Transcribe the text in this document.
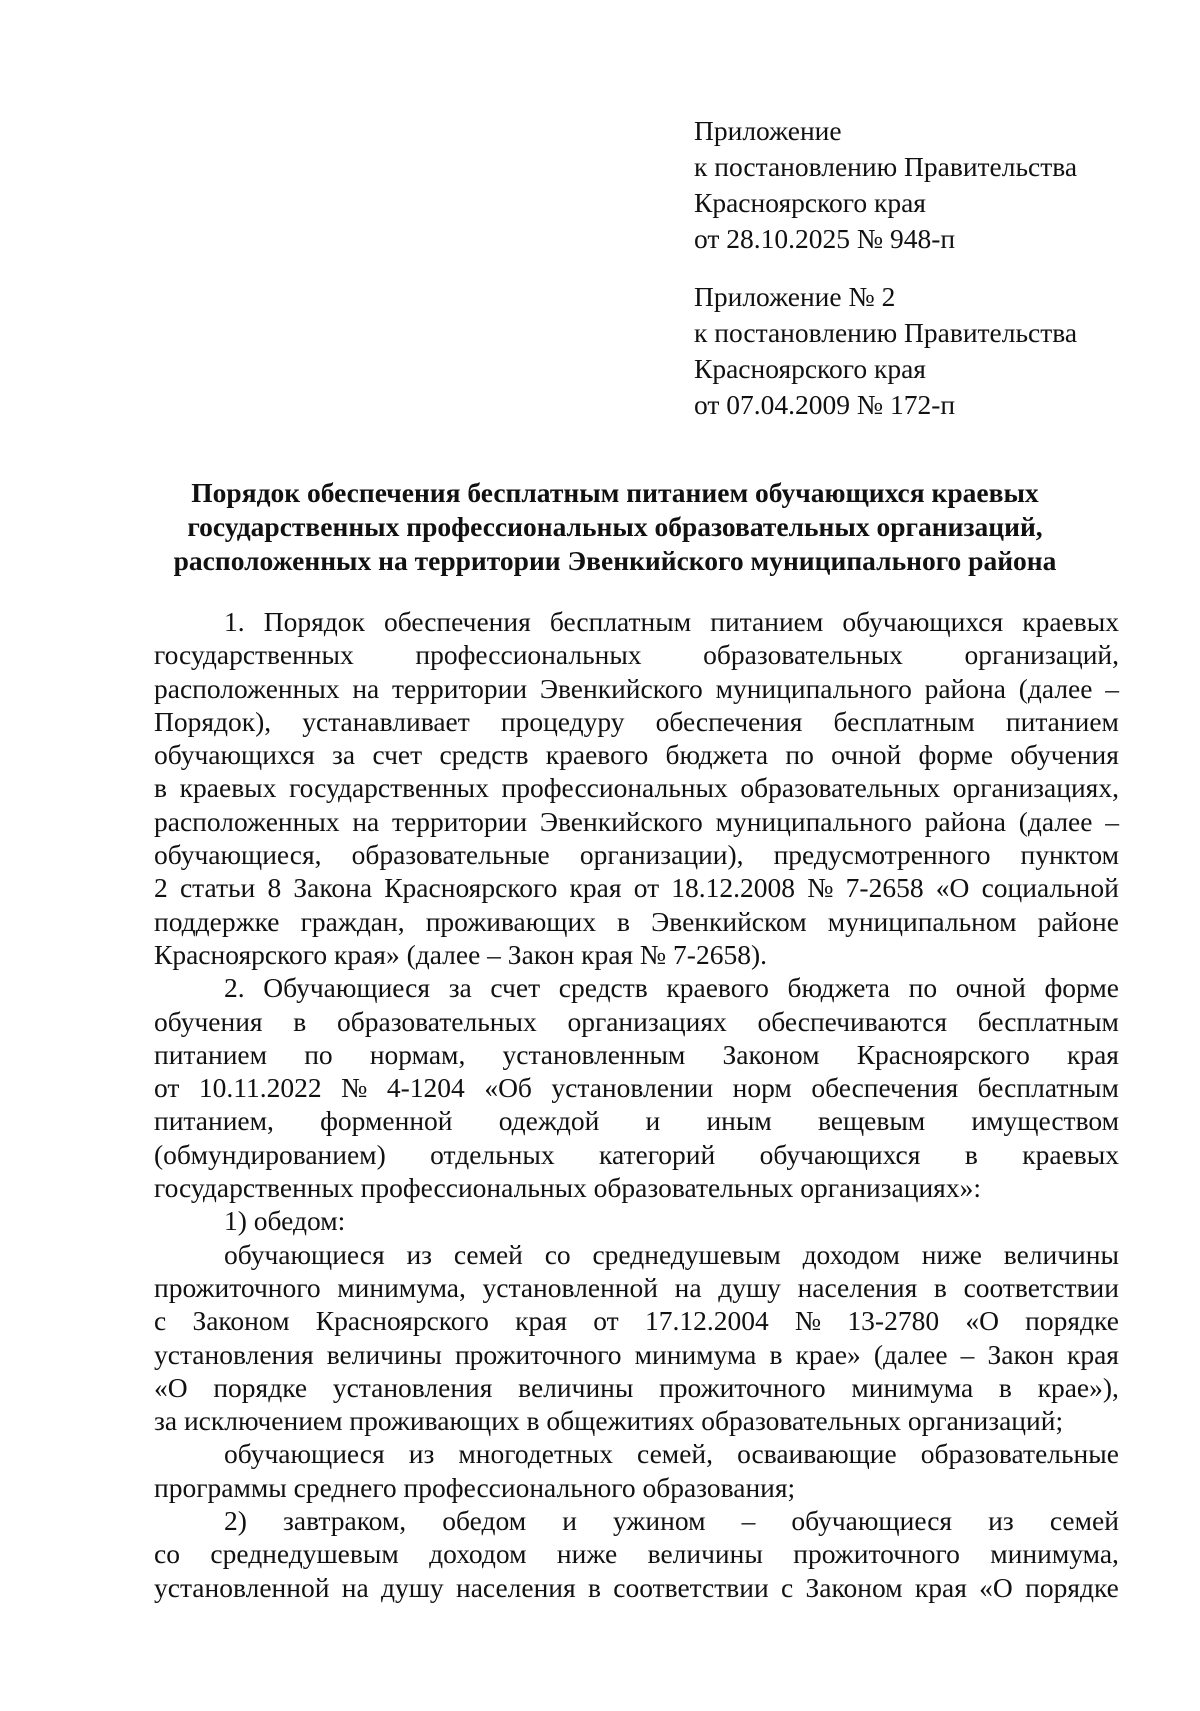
Приложение
к постановлению Правительства
Красноярского края
от 28.10.2025 № 948-п
Приложение № 2
к постановлению Правительства
Красноярского края
от 07.04.2009 № 172-п
Порядок обеспечения бесплатным питанием обучающихся краевых
государственных профессиональных образовательных организаций,
расположенных на территории Эвенкийского муниципального района
1. Порядок обеспечения бесплатным питанием обучающихся краевых
государственных профессиональных образовательных организаций,
расположенных на территории Эвенкийского муниципального района (далее –
Порядок), устанавливает процедуру обеспечения бесплатным питанием
обучающихся за счет средств краевого бюджета по очной форме обучения
в краевых государственных профессиональных образовательных организациях,
расположенных на территории Эвенкийского муниципального района (далее –
обучающиеся, образовательные организации), предусмотренного пунктом
2 статьи 8 Закона Красноярского края от 18.12.2008 № 7-2658 «О социальной
поддержке граждан, проживающих в Эвенкийском муниципальном районе
Красноярского края» (далее – Закон края № 7-2658).
2. Обучающиеся за счет средств краевого бюджета по очной форме
обучения в образовательных организациях обеспечиваются бесплатным
питанием по нормам, установленным Законом Красноярского края
от 10.11.2022 № 4-1204 «Об установлении норм обеспечения бесплатным
питанием, форменной одеждой и иным вещевым имуществом
(обмундированием) отдельных категорий обучающихся в краевых
государственных профессиональных образовательных организациях»:
1) обедом:
обучающиеся из семей со среднедушевым доходом ниже величины
прожиточного минимума, установленной на душу населения в соответствии
с Законом Красноярского края от 17.12.2004 № 13-2780 «О порядке
установления величины прожиточного минимума в крае» (далее – Закон края
«О порядке установления величины прожиточного минимума в крае»),
за исключением проживающих в общежитиях образовательных организаций;
обучающиеся из многодетных семей, осваивающие образовательные
программы среднего профессионального образования;
2) завтраком, обедом и ужином – обучающиеся из семей
со среднедушевым доходом ниже величины прожиточного минимума,
установленной на душу населения в соответствии с Законом края «О порядке
